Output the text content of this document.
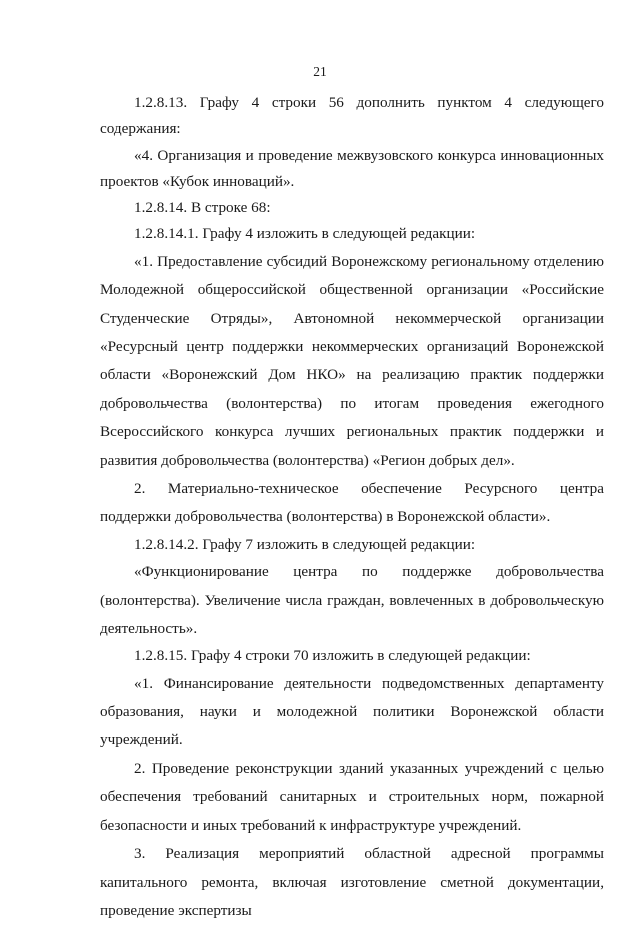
21

1.2.8.13. Графу 4 строки 56 дополнить пунктом 4 следующего содержания:

«4. Организация и проведение межвузовского конкурса инновационных проектов «Кубок инноваций».

1.2.8.14. В строке 68:

1.2.8.14.1. Графу 4 изложить в следующей редакции:

«1. Предоставление субсидий Воронежскому региональному отделению Молодежной общероссийской общественной организации «Российские Студенческие Отряды», Автономной некоммерческой организации «Ресурсный центр поддержки некоммерческих организаций Воронежской области «Воронежский Дом НКО» на реализацию практик поддержки добровольчества (волонтерства) по итогам проведения ежегодного Всероссийского конкурса лучших региональных практик поддержки и развития добровольчества (волонтерства) «Регион добрых дел».

2. Материально-техническое обеспечение Ресурсного центра поддержки добровольчества (волонтерства) в Воронежской области».

1.2.8.14.2. Графу 7 изложить в следующей редакции:

«Функционирование центра по поддержке добровольчества (волонтерства). Увеличение числа граждан, вовлеченных в добровольческую деятельность».

1.2.8.15. Графу 4 строки 70 изложить в следующей редакции:

«1. Финансирование деятельности подведомственных департаменту образования, науки и молодежной политики Воронежской области учреждений.

2. Проведение реконструкции зданий указанных учреждений с целью обеспечения требований санитарных и строительных норм, пожарной безопасности и иных требований к инфраструктуре учреждений.

3. Реализация мероприятий областной адресной программы капитального ремонта, включая изготовление сметной документации, проведение экспертизы
